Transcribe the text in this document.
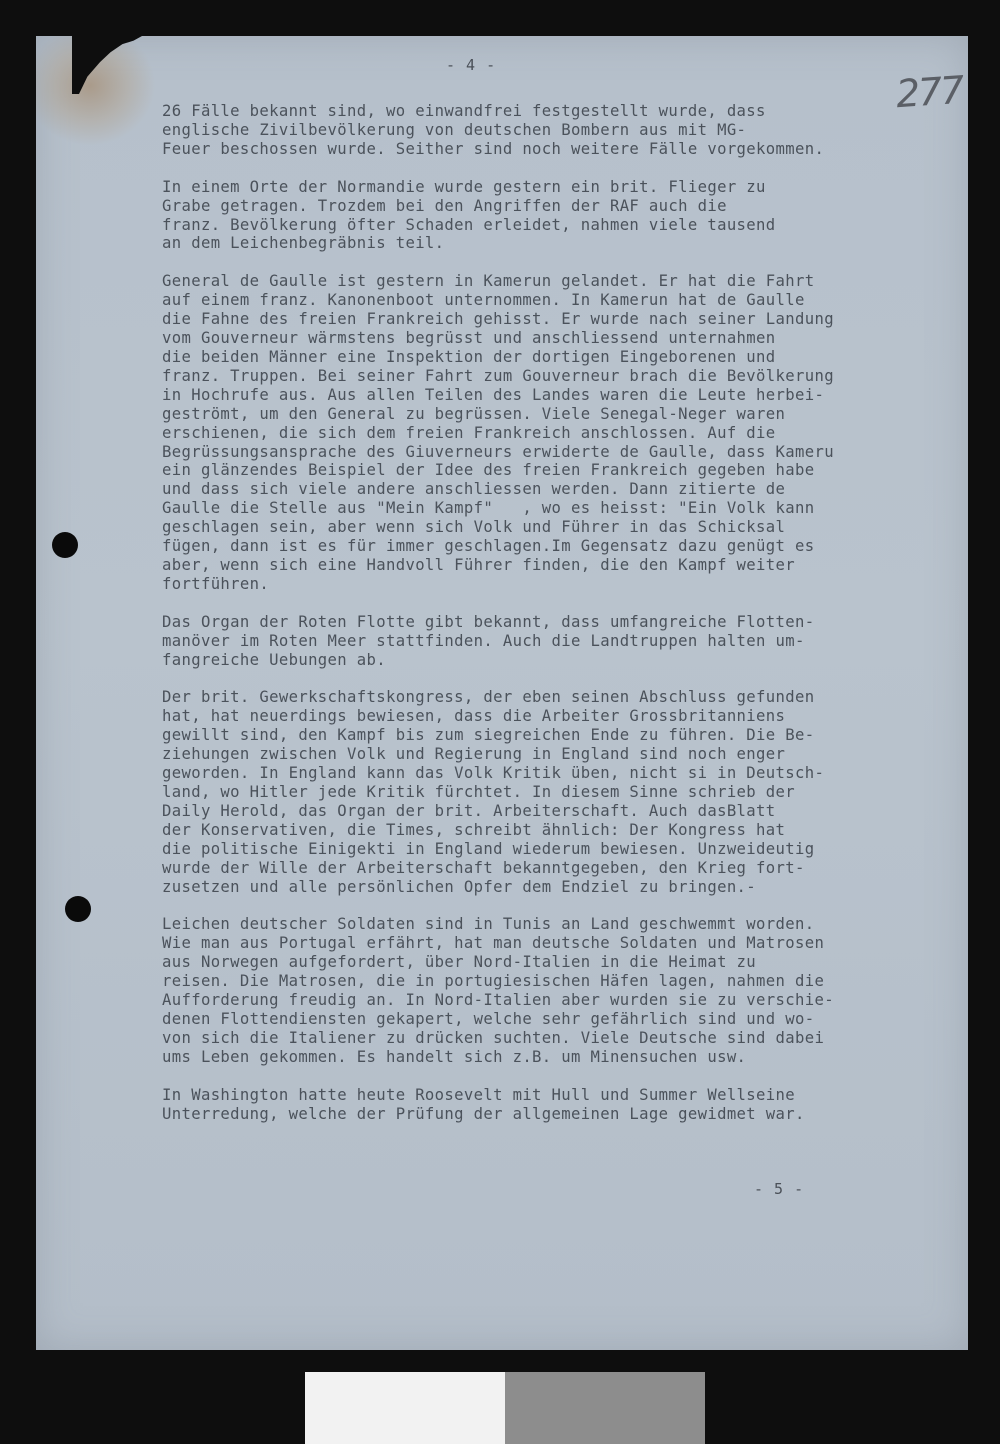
- 4 -
277
26 Fälle bekannt sind, wo einwandfrei festgestellt wurde, dass
englische Zivilbevölkerung von deutschen Bombern aus mit MG-
Feuer beschossen wurde. Seither sind noch weitere Fälle vorgekommen.
In einem Orte der Normandie wurde gestern ein brit. Flieger zu
Grabe getragen. Trozdem bei den Angriffen der RAF auch die
franz. Bevölkerung öfter Schaden erleidet, nahmen viele tausend
an dem Leichenbegräbnis teil.
General de Gaulle ist gestern in Kamerun gelandet. Er hat die Fahrt
auf einem franz. Kanonenboot unternommen. In Kamerun hat de Gaulle
die Fahne des freien Frankreich gehisst. Er wurde nach seiner Landung
vom Gouverneur wärmstens begrüsst und anschliessend unternahmen
die beiden Männer eine Inspektion der dortigen Eingeborenen und
franz. Truppen. Bei seiner Fahrt zum Gouverneur brach die Bevölkerung
in Hochrufe aus. Aus allen Teilen des Landes waren die Leute herbei-
geströmt, um den General zu begrüssen. Viele Senegal-Neger waren
erschienen, die sich dem freien Frankreich anschlossen. Auf die
Begrüssungsansprache des Giuverneurs erwiderte de Gaulle, dass Kameru
ein glänzendes Beispiel der Idee des freien Frankreich gegeben habe
und dass sich viele andere anschliessen werden. Dann zitierte de
Gaulle die Stelle aus "Mein Kampf"   , wo es heisst: "Ein Volk kann
geschlagen sein, aber wenn sich Volk und Führer in das Schicksal
fügen, dann ist es für immer geschlagen.Im Gegensatz dazu genügt es
aber, wenn sich eine Handvoll Führer finden, die den Kampf weiter
fortführen.
Das Organ der Roten Flotte gibt bekannt, dass umfangreiche Flotten-
manöver im Roten Meer stattfinden. Auch die Landtruppen halten um-
fangreiche Uebungen ab.
Der brit. Gewerkschaftskongress, der eben seinen Abschluss gefunden
hat, hat neuerdings bewiesen, dass die Arbeiter Grossbritanniens
gewillt sind, den Kampf bis zum siegreichen Ende zu führen. Die Be-
ziehungen zwischen Volk und Regierung in England sind noch enger
geworden. In England kann das Volk Kritik üben, nicht si in Deutsch-
land, wo Hitler jede Kritik fürchtet. In diesem Sinne schrieb der
Daily Herold, das Organ der brit. Arbeiterschaft. Auch dasBlatt
der Konservativen, die Times, schreibt ähnlich: Der Kongress hat
die politische Einigekti in England wiederum bewiesen. Unzweideutig
wurde der Wille der Arbeiterschaft bekanntgegeben, den Krieg fort-
zusetzen und alle persönlichen Opfer dem Endziel zu bringen.-
Leichen deutscher Soldaten sind in Tunis an Land geschwemmt worden.
Wie man aus Portugal erfährt, hat man deutsche Soldaten und Matrosen
aus Norwegen aufgefordert, über Nord-Italien in die Heimat zu
reisen. Die Matrosen, die in portugiesischen Häfen lagen, nahmen die
Aufforderung freudig an. In Nord-Italien aber wurden sie zu verschie-
denen Flottendiensten gekapert, welche sehr gefährlich sind und wo-
von sich die Italiener zu drücken suchten. Viele Deutsche sind dabei
ums Leben gekommen. Es handelt sich z.B. um Minensuchen usw.
In Washington hatte heute Roosevelt mit Hull und Summer Wellseine
Unterredung, welche der Prüfung der allgemeinen Lage gewidmet war.
- 5 -
